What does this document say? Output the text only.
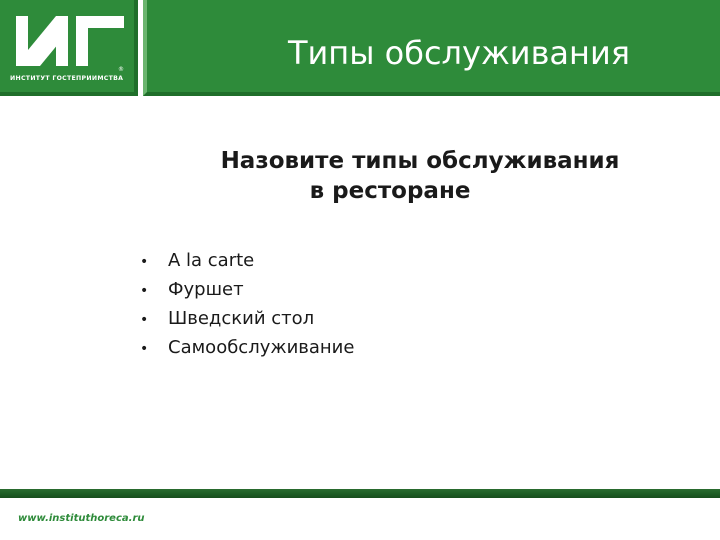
®
ИНСТИТУТ ГОСТЕПРИИМСТВА
Типы обслуживания
Назовите типы обслуживания
в ресторане
•	A la carte
•	Фуршет
•	Шведский стол
•	Самообслуживание
www.instituthoreca.ru
